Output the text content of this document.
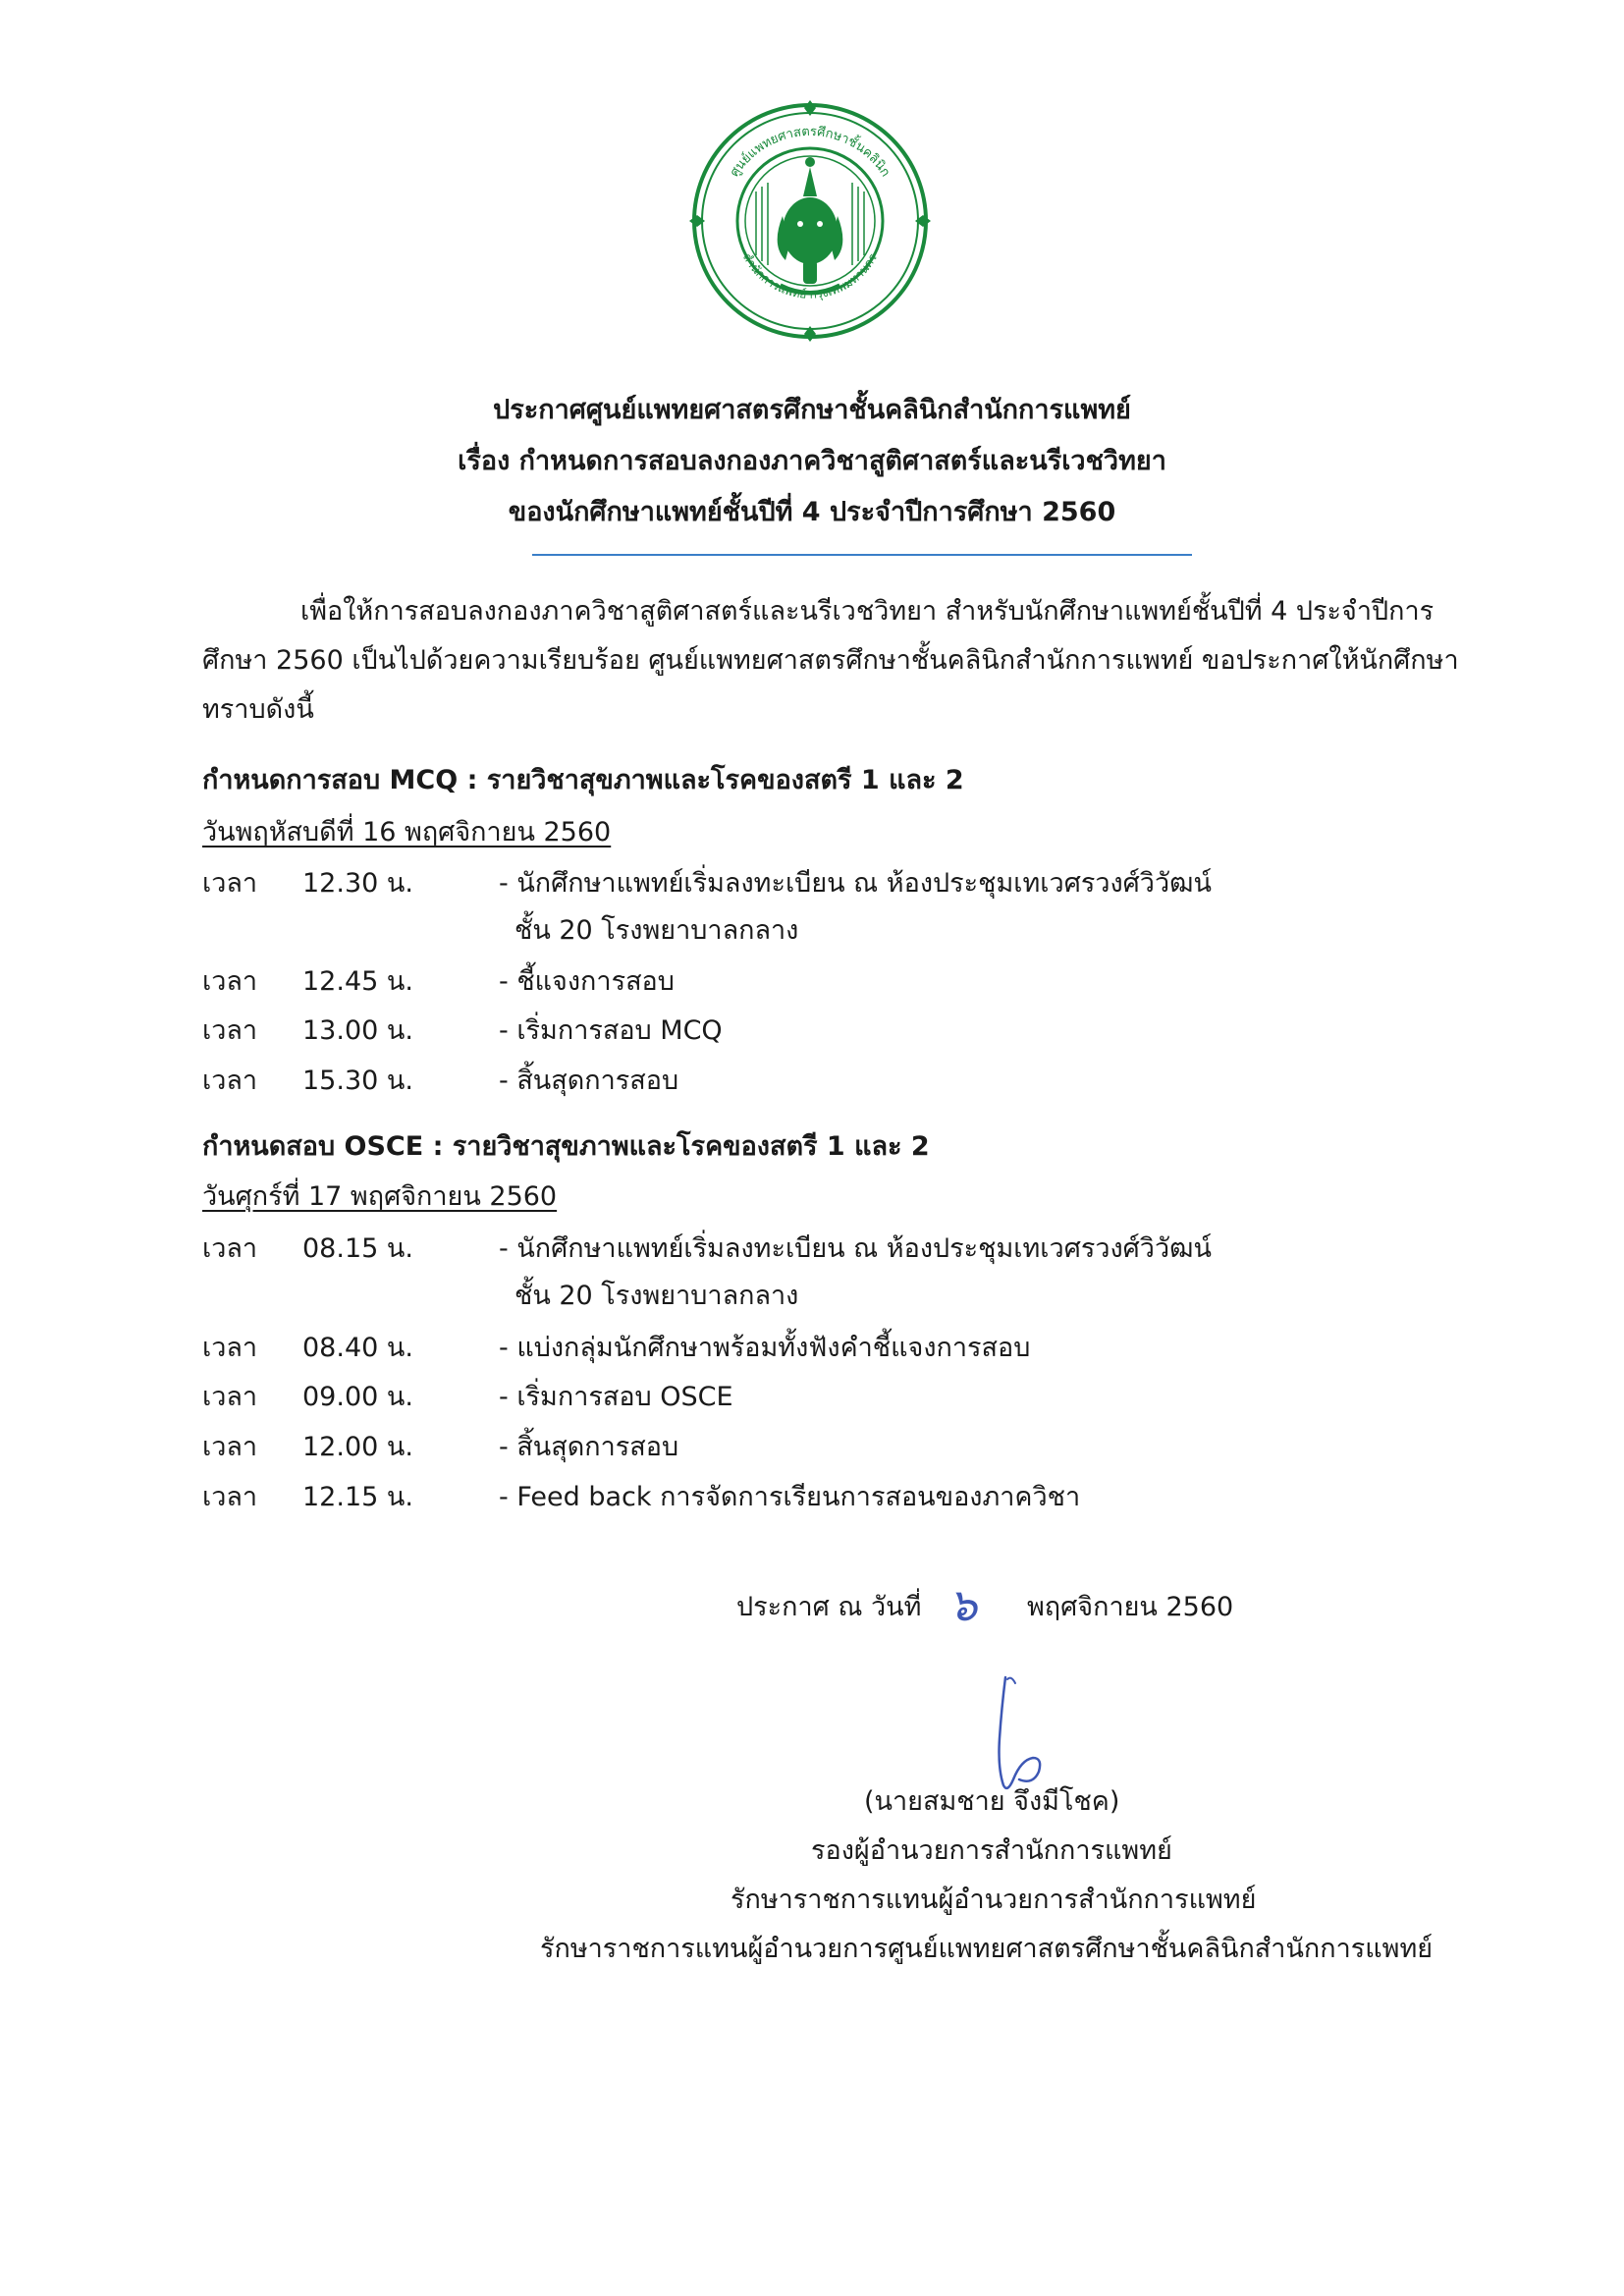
ศูนย์แพทยศาสตรศึกษาชั้นคลินิก
สำนักการแพทย์ กรุงเทพมหานคร
ประกาศศูนย์แพทยศาสตรศึกษาชั้นคลินิกสำนักการแพทย์
เรื่อง กำหนดการสอบลงกองภาควิชาสูติศาสตร์และนรีเวชวิทยา
ของนักศึกษาแพทย์ชั้นปีที่ 4 ประจำปีการศึกษา 2560
เพื่อให้การสอบลงกองภาควิชาสูติศาสตร์และนรีเวชวิทยา สำหรับนักศึกษาแพทย์ชั้นปีที่ 4 ประจำปีการศึกษา 2560 เป็นไปด้วยความเรียบร้อย ศูนย์แพทยศาสตรศึกษาชั้นคลินิกสำนักการแพทย์ ขอประกาศให้นักศึกษาทราบดังนี้
กำหนดการสอบ MCQ : รายวิชาสุขภาพและโรคของสตรี 1 และ 2
วันพฤหัสบดีที่ 16 พฤศจิกายน 2560
เวลา 12.30 น.	- นักศึกษาแพทย์เริ่มลงทะเบียน ณ ห้องประชุมเทเวศรวงศ์วิวัฒน์
ชั้น 20 โรงพยาบาลกลาง
เวลา 12.45 น.	- ชี้แจงการสอบ
เวลา 13.00 น.	- เริ่มการสอบ MCQ
เวลา 15.30 น.	- สิ้นสุดการสอบ
กำหนดสอบ OSCE : รายวิชาสุขภาพและโรคของสตรี 1 และ 2
วันศุกร์ที่ 17 พฤศจิกายน 2560
เวลา 08.15 น.	- นักศึกษาแพทย์เริ่มลงทะเบียน ณ ห้องประชุมเทเวศรวงศ์วิวัฒน์
ชั้น 20 โรงพยาบาลกลาง
เวลา 08.40 น.	- แบ่งกลุ่มนักศึกษาพร้อมทั้งฟังคำชี้แจงการสอบ
เวลา 09.00 น.	- เริ่มการสอบ OSCE
เวลา 12.00 น.	- สิ้นสุดการสอบ
เวลา 12.15 น.	- Feed back การจัดการเรียนการสอนของภาควิชา
ประกาศ ณ วันที่ ๖ พฤศจิกายน 2560
(นายสมชาย จึงมีโชค)
รองผู้อำนวยการสำนักการแพทย์
รักษาราชการแทนผู้อำนวยการสำนักการแพทย์
รักษาราชการแทนผู้อำนวยการศูนย์แพทยศาสตรศึกษาชั้นคลินิกสำนักการแพทย์
